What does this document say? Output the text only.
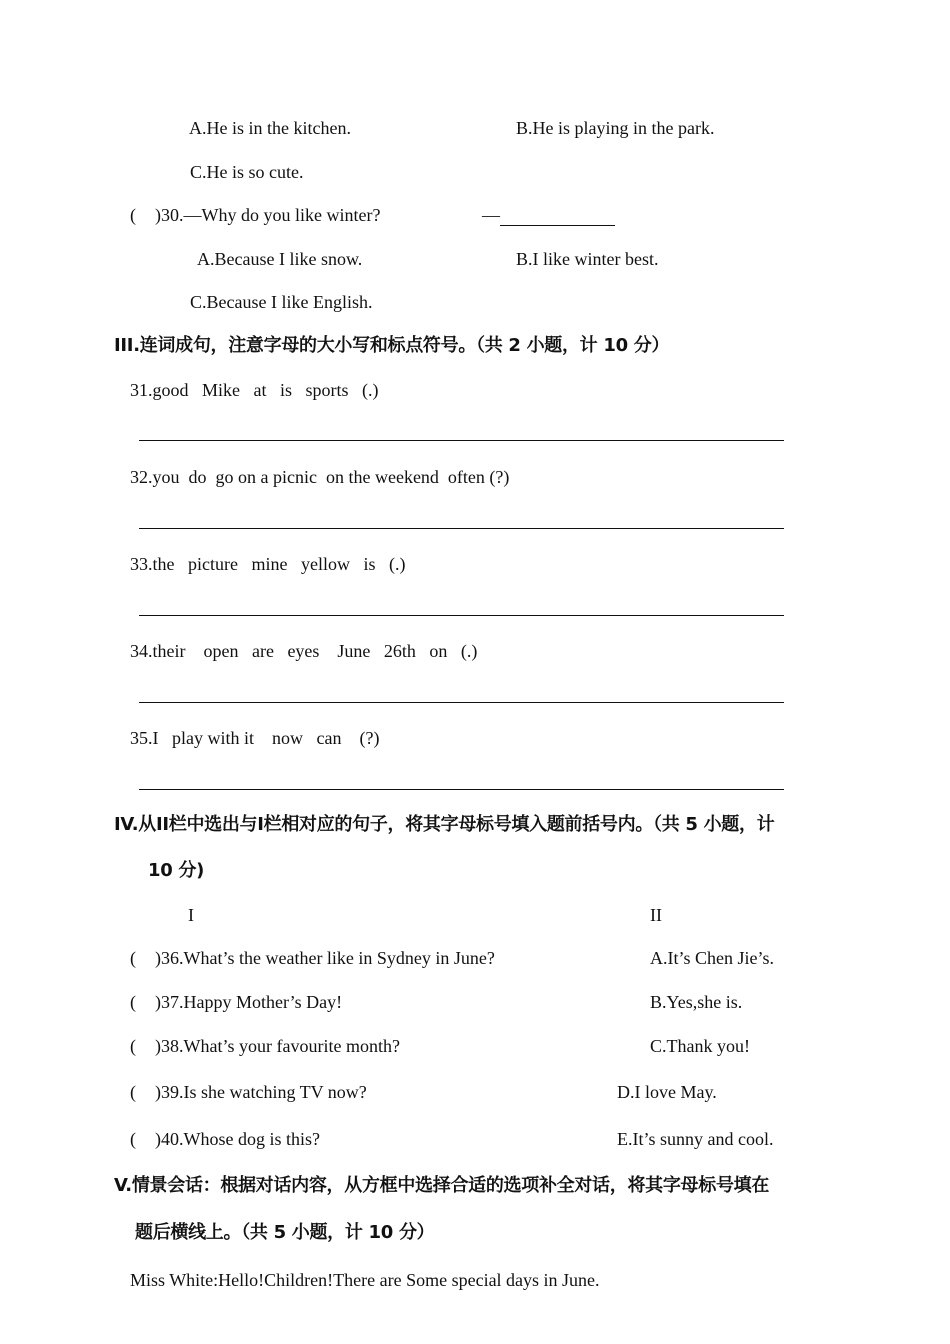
A.He is in the kitchen.	B.He is playing in the park.
C.He is so cute.
( )30.—Why do you like winter?	—
A.Because I like snow.	B.I like winter best.
C.Because I like English.
III.连词成句，注意字母的大小写和标点符号。（共 2 小题，计 10 分）
31.good   Mike   at   is   sports   (.)
32.you  do  go on a picnic  on the weekend  often (?)
33.the   picture   mine   yellow   is   (.)
34.their    open   are   eyes    June   26th   on   (.)
35.I   play with it    now   can    (?)
IV.从II栏中选出与I栏相对应的句子，将其字母标号填入题前括号内。（共 5 小题，计
10 分)
I	II
( )36.What’s the weather like in Sydney in June?	A.It’s Chen Jie’s.
( )37.Happy Mother’s Day!	B.Yes,she is.
( )38.What’s your favourite month?	C.Thank you!
( )39.Is she watching TV now?	D.I love May.
( )40.Whose dog is this?	E.It’s sunny and cool.
V.情景会话：根据对话内容，从方框中选择合适的选项补全对话，将其字母标号填在
题后横线上。（共 5 小题，计 10 分）
Miss White:Hello!Children!There are Some special days in June.
